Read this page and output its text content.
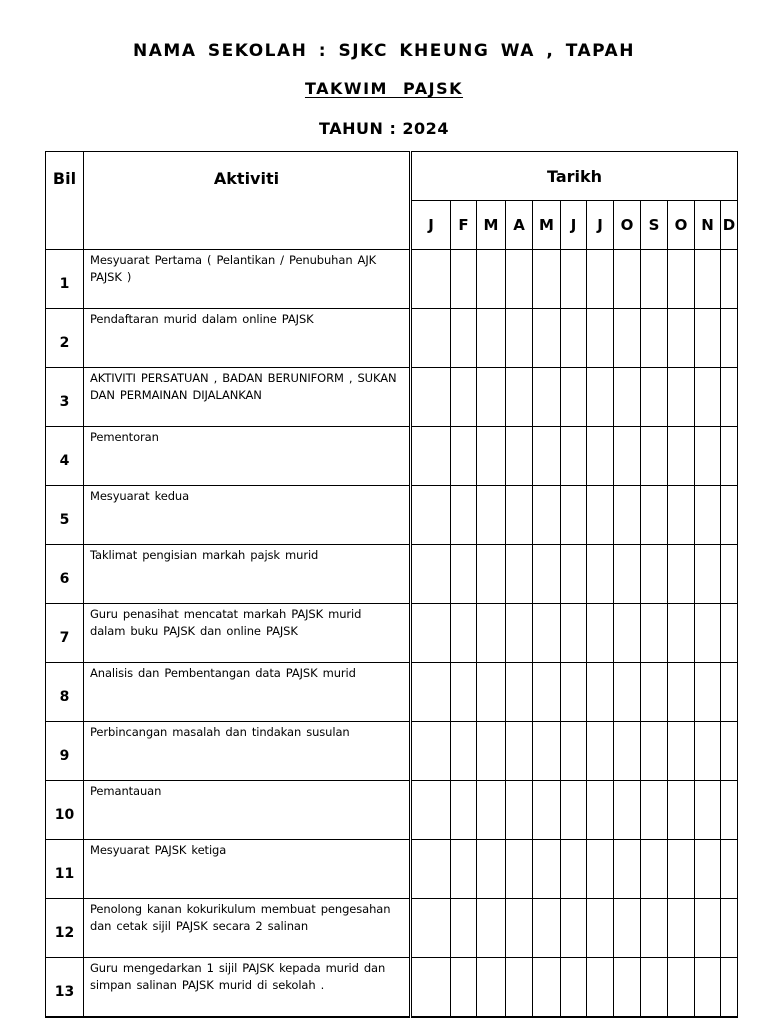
NAMA SEKOLAH : SJKC KHEUNG WA , TAPAH
TAKWIM PAJSK
TAHUN : 2024
Bil	Aktiviti	Tarikh											
		J	F	M	A	M	J	J	O	S	O	N	D
1	Mesyuarat Pertama ( Pelantikan / Penubuhan AJK PAJSK )												
2	Pendaftaran murid dalam online PAJSK												
3	AKTIVITI PERSATUAN , BADAN BERUNIFORM , SUKAN DAN PERMAINAN DIJALANKAN												
4	Pementoran												
5	Mesyuarat kedua												
6	Taklimat pengisian markah pajsk murid												
7	Guru penasihat mencatat markah PAJSK murid dalam buku PAJSK dan online PAJSK												
8	Analisis dan Pembentangan data PAJSK murid												
9	Perbincangan masalah dan tindakan susulan												
10	Pemantauan												
11	Mesyuarat PAJSK ketiga												
12	Penolong kanan kokurikulum membuat pengesahan dan cetak sijil PAJSK secara 2 salinan												
13	Guru mengedarkan 1 sijil PAJSK kepada murid dan simpan salinan PAJSK murid di sekolah .												
